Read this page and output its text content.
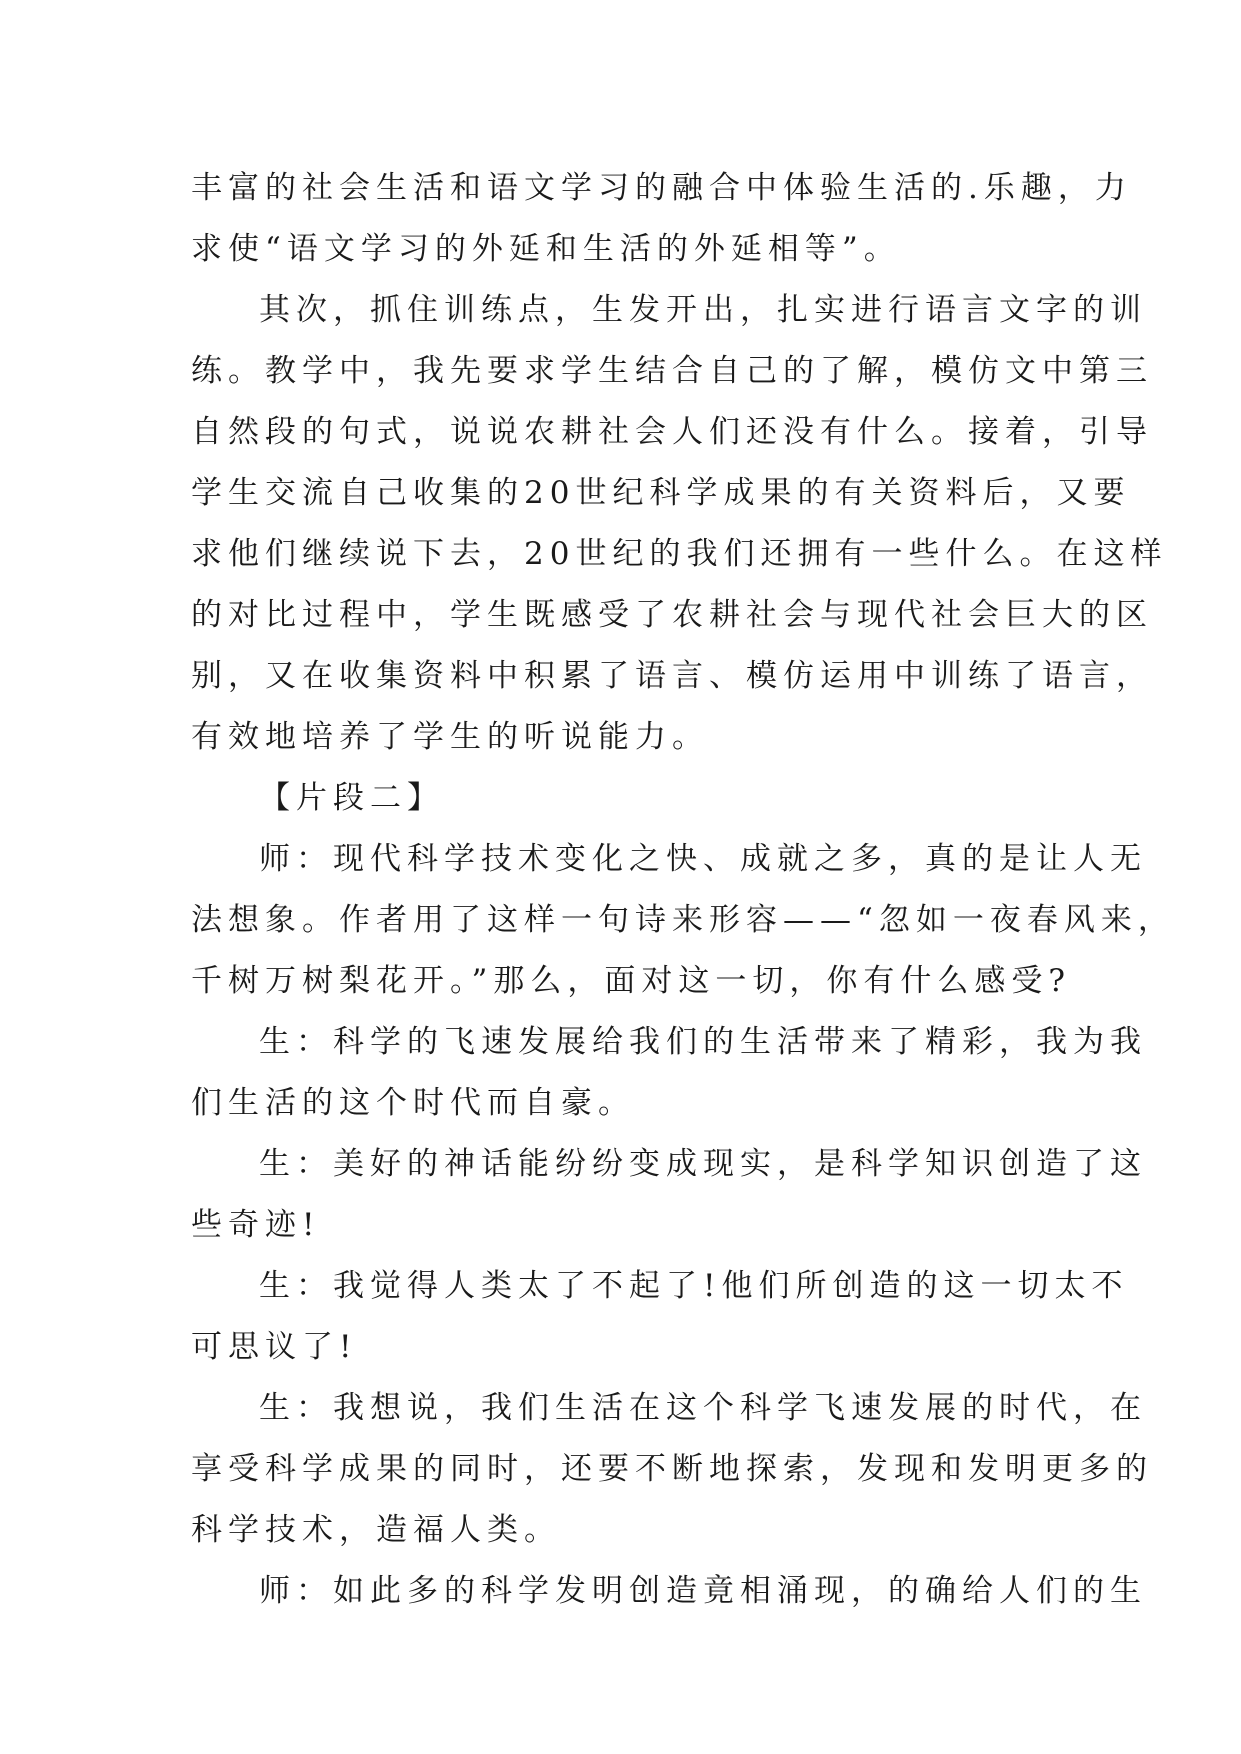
丰富的社会生活和语文学习的融合中体验生活的.乐趣，力
求使“语文学习的外延和生活的外延相等”。
其次，抓住训练点，生发开出，扎实进行语言文字的训
练。教学中，我先要求学生结合自己的了解，模仿文中第三
自然段的句式，说说农耕社会人们还没有什么。接着，引导
学生交流自己收集的20世纪科学成果的有关资料后，又要
求他们继续说下去，20世纪的我们还拥有一些什么。在这样
的对比过程中，学生既感受了农耕社会与现代社会巨大的区
别，又在收集资料中积累了语言、模仿运用中训练了语言，
有效地培养了学生的听说能力。
【片段二】
师：现代科学技术变化之快、成就之多，真的是让人无
法想象。作者用了这样一句诗来形容——“忽如一夜春风来，
千树万树梨花开。”那么，面对这一切，你有什么感受?
生：科学的飞速发展给我们的生活带来了精彩，我为我
们生活的这个时代而自豪。
生：美好的神话能纷纷变成现实，是科学知识创造了这
些奇迹!
生：我觉得人类太了不起了!他们所创造的这一切太不
可思议了!
生：我想说，我们生活在这个科学飞速发展的时代，在
享受科学成果的同时，还要不断地探索，发现和发明更多的
科学技术，造福人类。
师：如此多的科学发明创造竟相涌现，的确给人们的生
